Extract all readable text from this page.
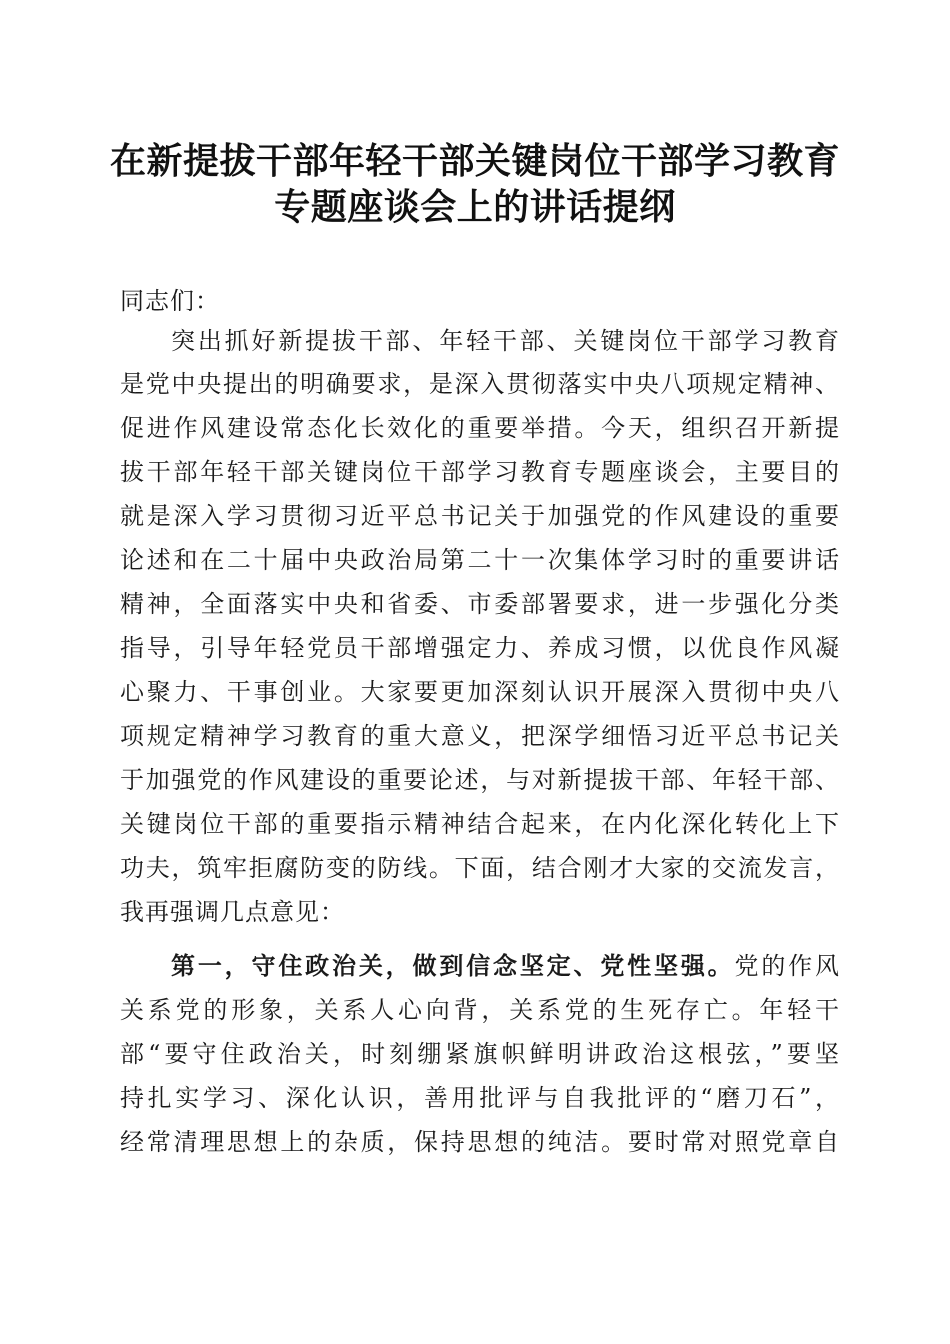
在新提拔干部年轻干部关键岗位干部学习教育
专题座谈会上的讲话提纲
同志们：
突出抓好新提拔干部、年轻干部、关键岗位干部学习教育
是党中央提出的明确要求，是深入贯彻落实中央八项规定精神、
促进作风建设常态化长效化的重要举措。今天，组织召开新提
拔干部年轻干部关键岗位干部学习教育专题座谈会，主要目的
就是深入学习贯彻习近平总书记关于加强党的作风建设的重要
论述和在二十届中央政治局第二十一次集体学习时的重要讲话
精神，全面落实中央和省委、市委部署要求，进一步强化分类
指导，引导年轻党员干部增强定力、养成习惯，以优良作风凝
心聚力、干事创业。大家要更加深刻认识开展深入贯彻中央八
项规定精神学习教育的重大意义，把深学细悟习近平总书记关
于加强党的作风建设的重要论述，与对新提拔干部、年轻干部、
关键岗位干部的重要指示精神结合起来，在内化深化转化上下
功夫，筑牢拒腐防变的防线。下面，结合刚才大家的交流发言，
我再强调几点意见：
第一，守住政治关，做到信念坚定、党性坚强。党的作风
关系党的形象，关系人心向背，关系党的生死存亡。年轻干
部“要守住政治关，时刻绷紧旗帜鲜明讲政治这根弦，”要坚
持扎实学习、深化认识，善用批评与自我批评的“磨刀石”，
经常清理思想上的杂质，保持思想的纯洁。要时常对照党章自
